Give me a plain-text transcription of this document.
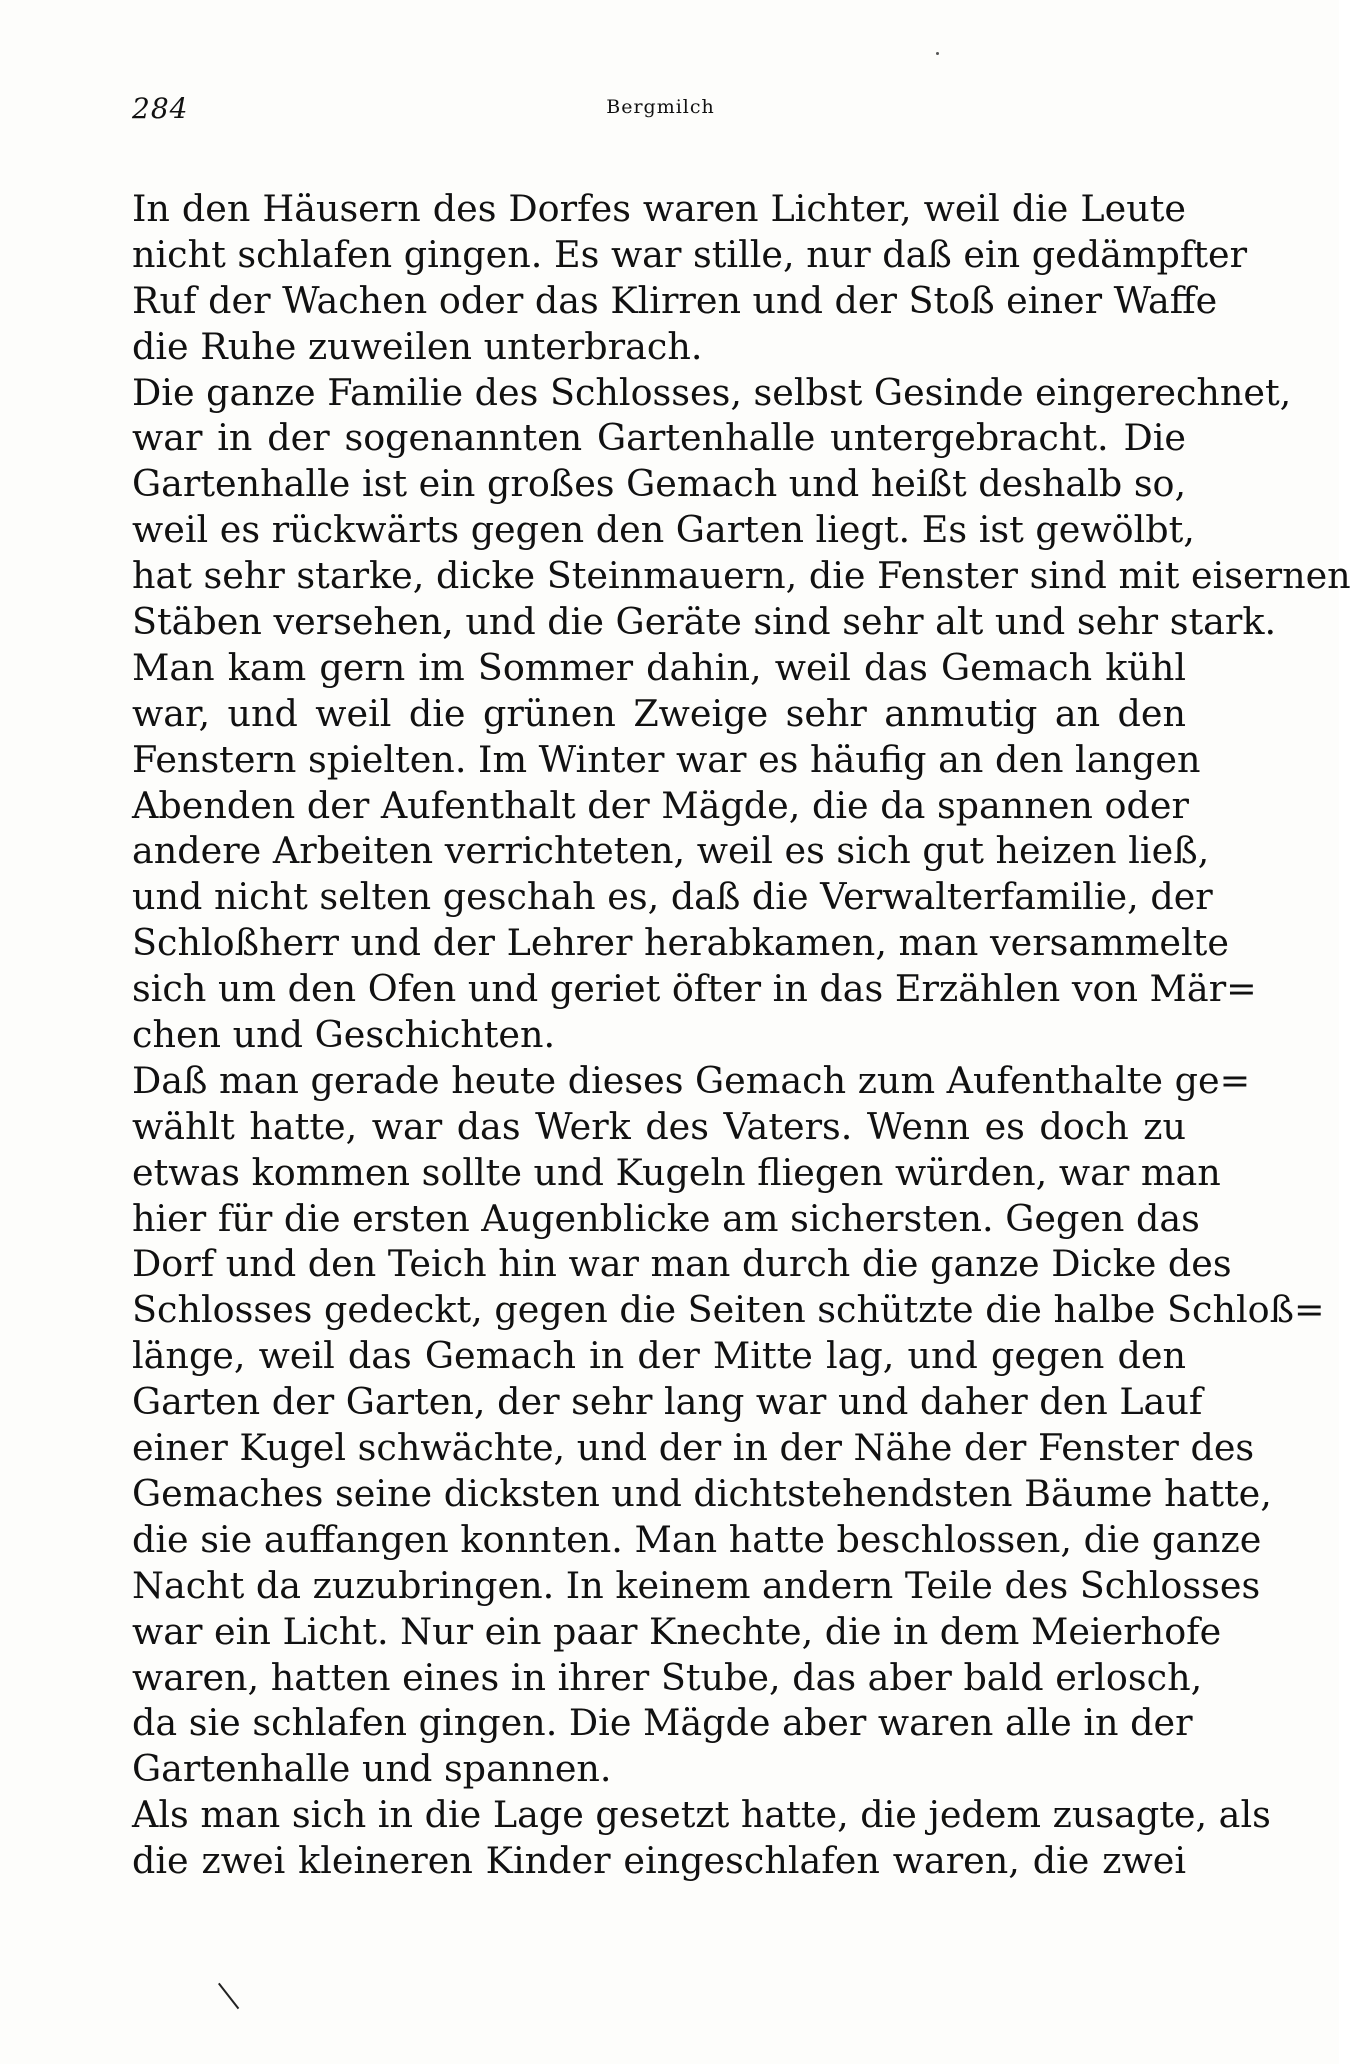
284	Bergmilch
In den Häusern des Dorfes waren Lichter, weil die Leute
nicht schlafen gingen. Es war stille, nur daß ein gedämpfter
Ruf der Wachen oder das Klirren und der Stoß einer Waffe
die Ruhe zuweilen unterbrach.
Die ganze Familie des Schlosses, selbst Gesinde eingerechnet,
war in der sogenannten Gartenhalle untergebracht. Die
Gartenhalle ist ein großes Gemach und heißt deshalb so,
weil es rückwärts gegen den Garten liegt. Es ist gewölbt,
hat sehr starke, dicke Steinmauern, die Fenster sind mit eisernen
Stäben versehen, und die Geräte sind sehr alt und sehr stark.
Man kam gern im Sommer dahin, weil das Gemach kühl
war, und weil die grünen Zweige sehr anmutig an den
Fenstern spielten. Im Winter war es häufig an den langen
Abenden der Aufenthalt der Mägde, die da spannen oder
andere Arbeiten verrichteten, weil es sich gut heizen ließ,
und nicht selten geschah es, daß die Verwalterfamilie, der
Schloßherr und der Lehrer herabkamen, man versammelte
sich um den Ofen und geriet öfter in das Erzählen von Mär=
chen und Geschichten.
Daß man gerade heute dieses Gemach zum Aufenthalte ge=
wählt hatte, war das Werk des Vaters. Wenn es doch zu
etwas kommen sollte und Kugeln fliegen würden, war man
hier für die ersten Augenblicke am sichersten. Gegen das
Dorf und den Teich hin war man durch die ganze Dicke des
Schlosses gedeckt, gegen die Seiten schützte die halbe Schloß=
länge, weil das Gemach in der Mitte lag, und gegen den
Garten der Garten, der sehr lang war und daher den Lauf
einer Kugel schwächte, und der in der Nähe der Fenster des
Gemaches seine dicksten und dichtstehendsten Bäume hatte,
die sie auffangen konnten. Man hatte beschlossen, die ganze
Nacht da zuzubringen. In keinem andern Teile des Schlosses
war ein Licht. Nur ein paar Knechte, die in dem Meierhofe
waren, hatten eines in ihrer Stube, das aber bald erlosch,
da sie schlafen gingen. Die Mägde aber waren alle in der
Gartenhalle und spannen.
Als man sich in die Lage gesetzt hatte, die jedem zusagte, als
die zwei kleineren Kinder eingeschlafen waren, die zwei
